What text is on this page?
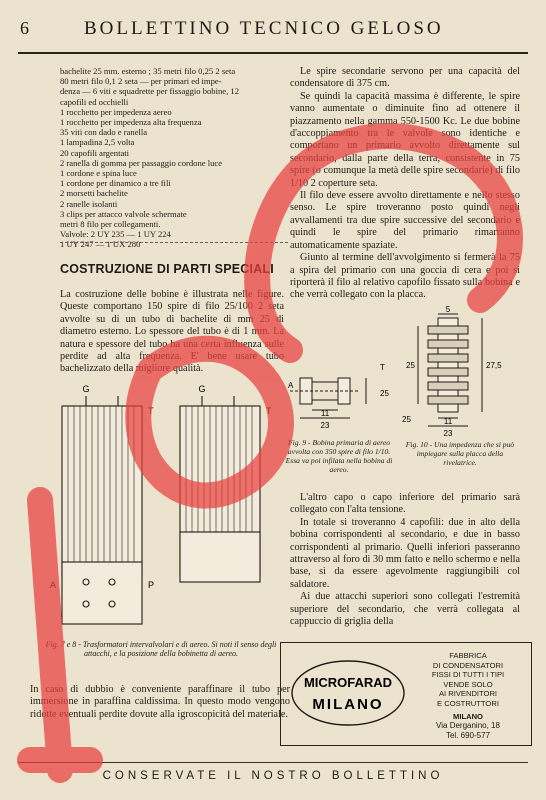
6	BOLLETTINO TECNICO GELOSO
bachelite 25 mm. esterno ; 35 metri filo 0,25 2 seta
80 metri filo 0,1 2 seta — per primari ed impe-
denza — 6 viti e squadrette per fissaggio bobine, 12
capofili ed occhielli
1 rocchetto per impedenza aereo
1 rocchetto per impedenza alta frequenza
35 viti con dado e ranella
1 lampadina 2,5 volta
20 capofili argentati
2 ranella di gomma per passaggio cordone luce
1 cordone e spina luce
1 cordone per dinamico a tre fili
2 morsetti bachelite
2 ranelle isolanti
3 clips per attacco valvole schermate
metri 8 filo per collegamenti.
Valvole: 2 UY 235 — 1 UY 224
1 UY 247 — 1 UX 280
COSTRUZIONE DI PARTI SPECIALI
La costruzione delle bobine è illustrata nelle figure. Queste comportano 150 spire di filo 25/100 2 seta avvolte su di un tubo di bachelite di mm 25 di diametro esterno. Lo spessore del tubo è di 1 mm. La natura e spessore del tubo ha una certa influenza sulle perdite ad alta frequenza. E' bene usare tubo bachelizzato della migliore qualità.
G	G
T	T
A	P
Fig. 7 e 8 - Trasformatori intervalvolari e di aereo. Si noti il senso degli attacchi, e la posizione della bobinetta di aereo.
In caso di dubbio è conveniente paraffinare il tubo per immersione in paraffina caldissima. In questo modo vengono ridotte eventuali perdite dovute alla igroscopicità del materiale.

Le spire secondarie servono per una capacità del condensatore di 375 cm.

Se quindi la capacità massima è differente, le spire vanno aumentate o diminuite fino ad ottenere il piazzamento nella gamma 550-1500 Kc. Le due bobine d'accoppiamento tra le valvole sono identiche e comportano un primario avvolto direttamente sul secondario, dalla parte della terra, consistente in 75 spire (o comunque la metà delle spire secondarie) di filo 1/10 2 coperture seta.

Il filo deve essere avvolto direttamente e nello stesso senso. Le spire troveranno posto quindi negli avvallamenti tra due spire successive del secondario e quindi le spire del primario rimarranno automaticamente spaziate.

Giunto al termine dell'avvolgimento si fermerà la 75 a spira del primario con una goccia di cera e poi si riporterà il filo al relativo capofilo fissato sulla bobina e che verrà collegato con la placca.

A
T
11
23
25
Fig. 9 - Bobina primaria di aereo avvolta con 350 spire di filo 1/10. Essa va poi infilata nella bobina di aereo.
5
25	27,5
11
23
25
Fig. 10 - Una impedenza che si può impiegare sulla placca della rivelatrice.

L'altro capo o capo inferiore del primario sarà collegato con l'alta tensione.

In totale si troveranno 4 capofili: due in alto della bobina corrispondenti al secondario, e due in basso corrispondenti al primario. Quelli inferiori passeranno attraverso al foro di 30 mm fatto e nello schermo e nella base, sì da essere agevolmente raggiungibili col saldatore.

Ai due attacchi superiori sono collegati l'estremità superiore del secondario, che verrà collegata al cappuccio di griglia della

MICROFARAD
MILANO
FABBRICA
DI CONDENSATORI
FISSI DI TUTTI I TIPI
VENDE SOLO
AI RIVENDITORI
E COSTRUTTORI
MILANO
Via Derganino, 18
Tel. 690-577
CONSERVATE IL NOSTRO BOLLETTINO
